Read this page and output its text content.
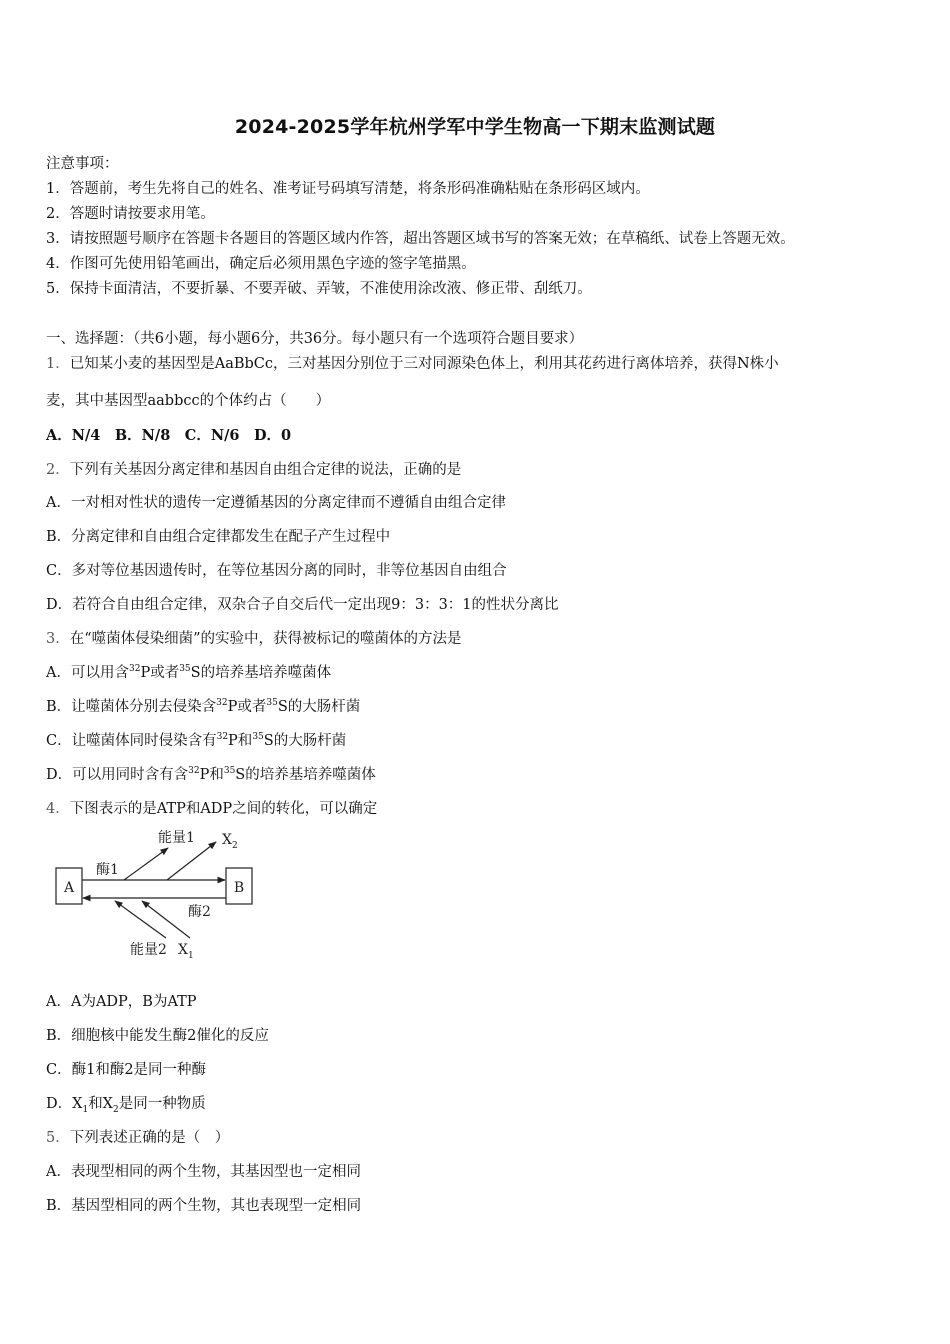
2024-2025学年杭州学军中学生物高一下期末监测试题
注意事项：
1．答题前，考生先将自己的姓名、准考证号码填写清楚，将条形码准确粘贴在条形码区域内。
2．答题时请按要求用笔。
3．请按照题号顺序在答题卡各题目的答题区域内作答，超出答题区域书写的答案无效；在草稿纸、试卷上答题无效。
4．作图可先使用铅笔画出，确定后必须用黑色字迹的签字笔描黑。
5．保持卡面清洁，不要折暴、不要弄破、弄皱，不准使用涂改液、修正带、刮纸刀。
一、选择题：（共6小题，每小题6分，共36分。每小题只有一个选项符合题目要求）
1．已知某小麦的基因型是AaBbCc，三对基因分别位于三对同源染色体上，利用其花药进行离体培养，获得N株小
麦，其中基因型aabbcc的个体约占（　　）
A．N/4　B．N/8　C．N/6　D．0
2．下列有关基因分离定律和基因自由组合定律的说法，正确的是
A．一对相对性状的遗传一定遵循基因的分离定律而不遵循自由组合定律
B．分离定律和自由组合定律都发生在配子产生过程中
C．多对等位基因遗传时，在等位基因分离的同时，非等位基因自由组合
D．若符合自由组合定律，双杂合子自交后代一定出现9：3：3：1的性状分离比
3．在“噬菌体侵染细菌”的实验中，获得被标记的噬菌体的方法是
A．可以用含$^{32}$P或者$^{35}$S的培养基培养噬菌体
B．让噬菌体分别去侵染含$^{32}$P或者$^{35}$S的大肠杆菌
C．让噬菌体同时侵染含有$^{32}$P和$^{35}$S的大肠杆菌
D．可以用同时含有含$^{32}$P和$^{35}$S的培养基培养噬菌体
4．下图表示的是ATP和ADP之间的转化，可以确定
A	B
酶1
酶2
能量1
能量2
$X_2$
$X_1$
A．A为ADP，B为ATP
B．细胞核中能发生酶2催化的反应
C．酶1和酶2是同一种酶
D．$X_1$和$X_2$是同一种物质
5．下列表述正确的是（　）
A．表现型相同的两个生物，其基因型也一定相同
B．基因型相同的两个生物，其也表现型一定相同
